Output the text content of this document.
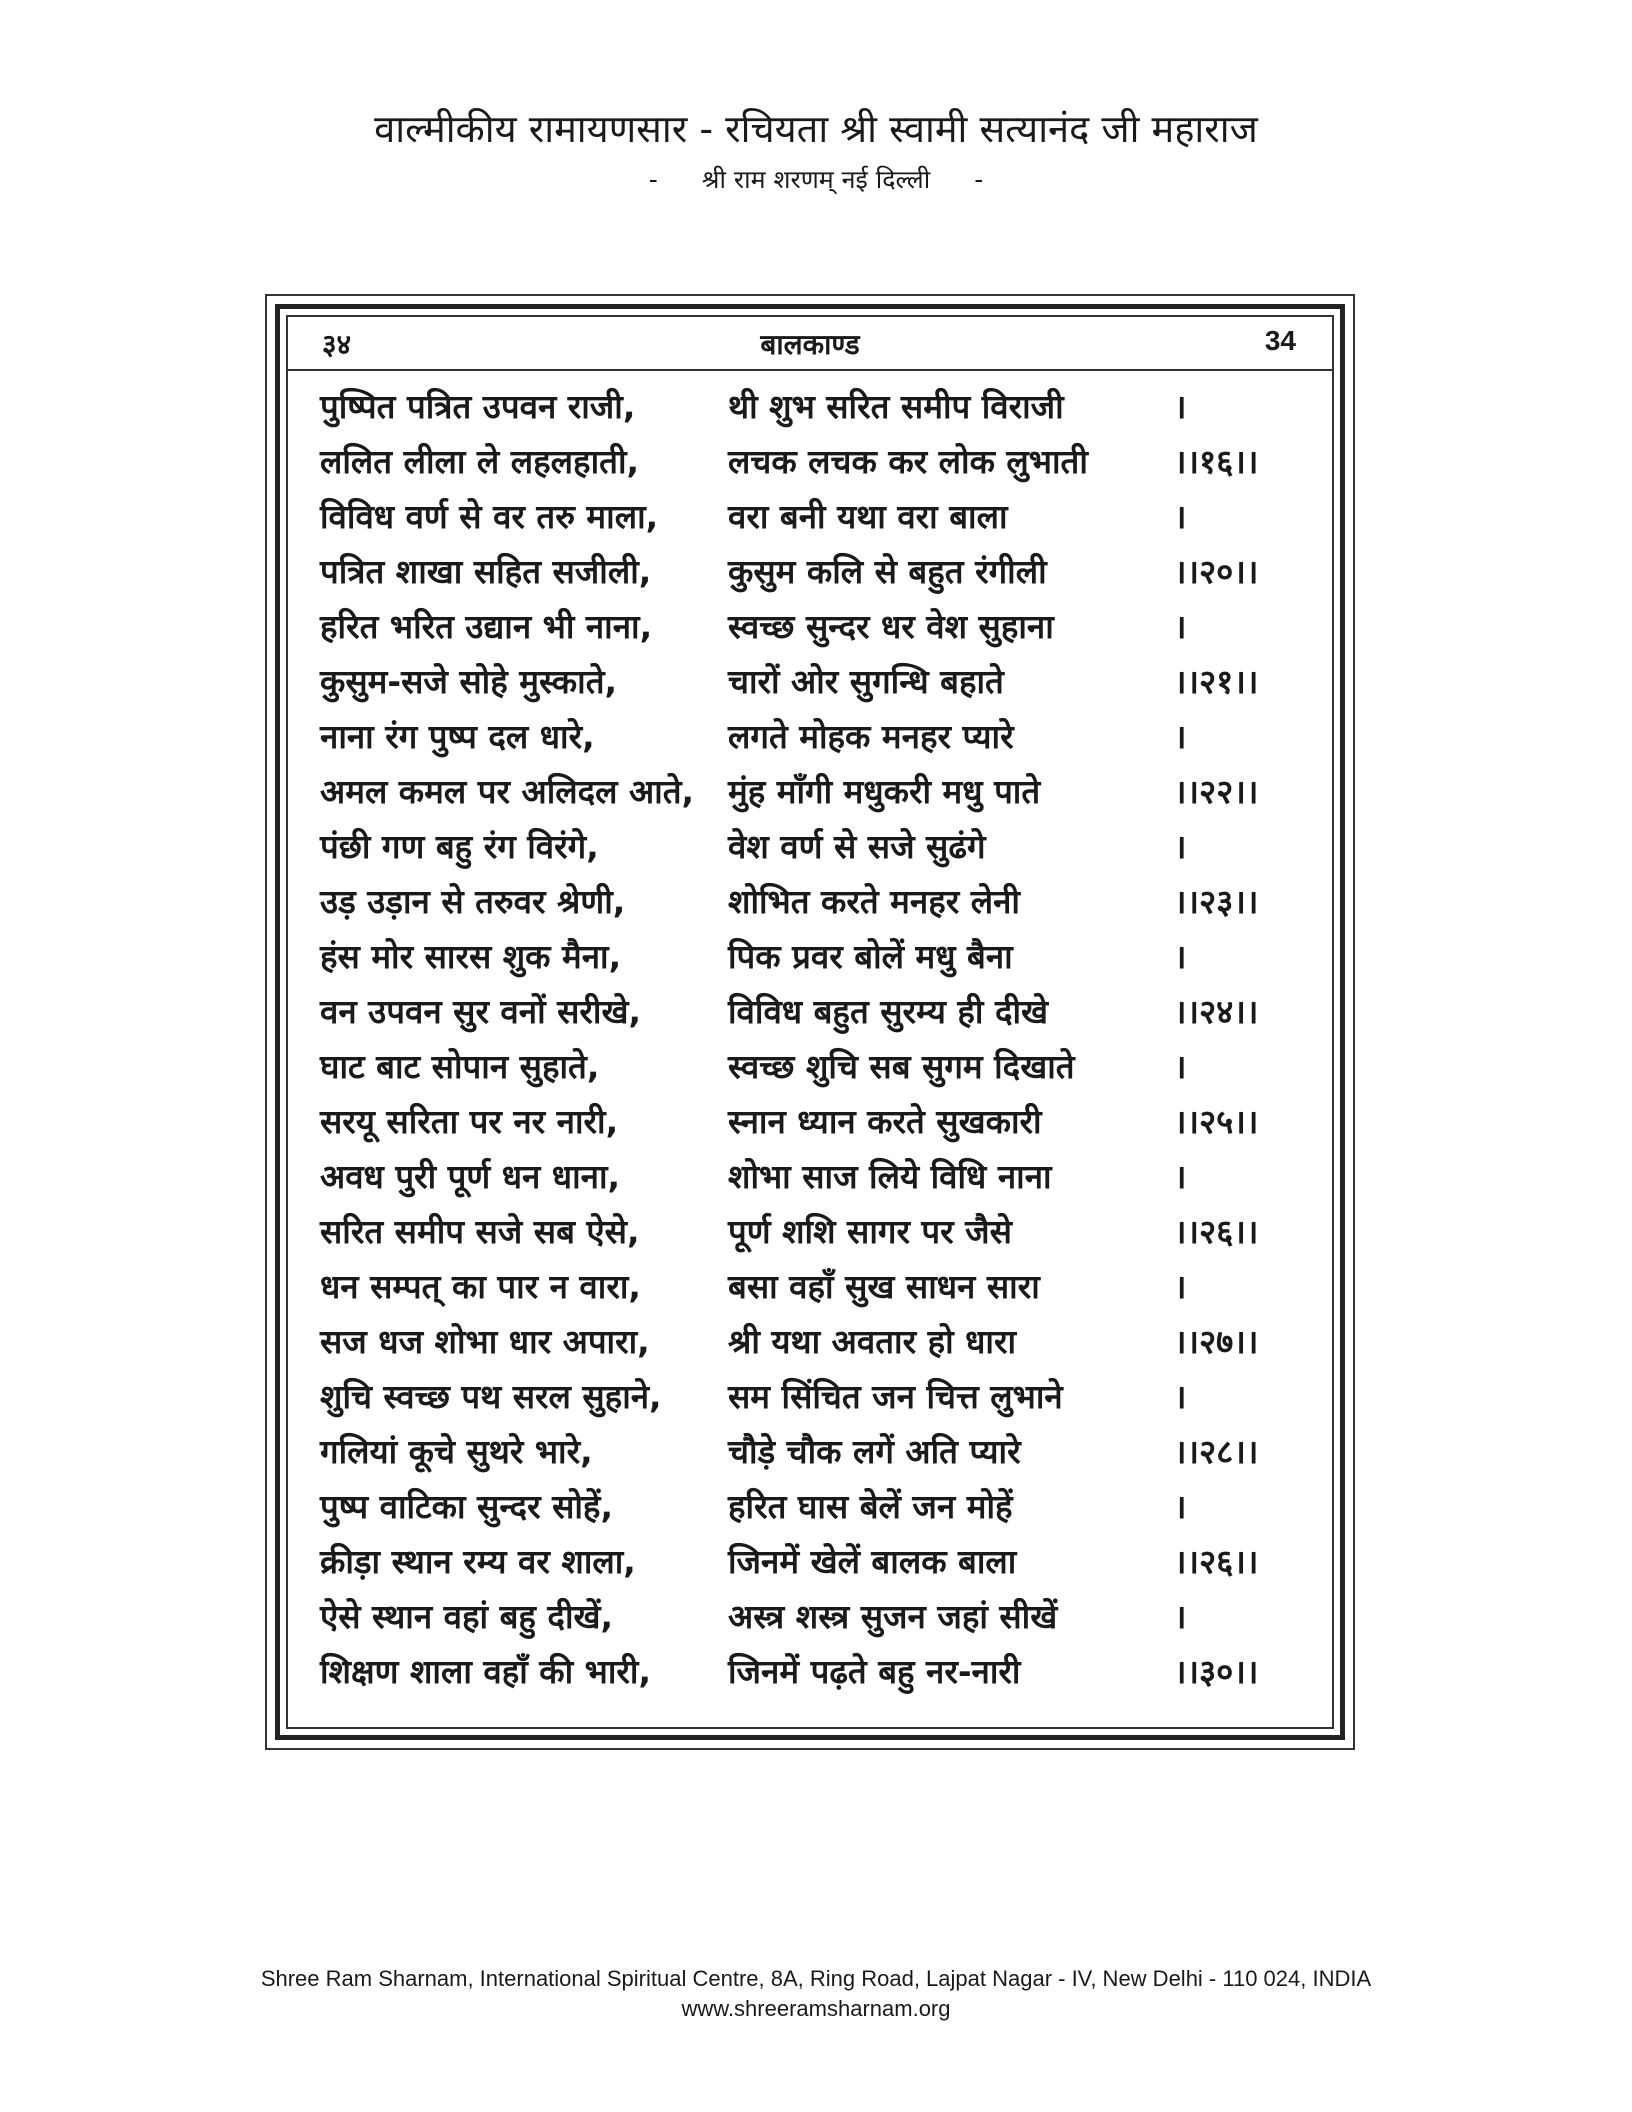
वाल्मीकीय रामायणसार - रचियता श्री स्वामी सत्यानंद जी महाराज
- श्री राम शरणम् नई दिल्ली -
३४	बालकाण्ड	34
पुष्पित पत्रित उपवन राजी,	थी शुभ सरित समीप विराजी	।
ललित लीला ले लहलहाती,	लचक लचक कर लोक लुभाती	।।१६।।
विविध वर्ण से वर तरु माला,	वरा बनी यथा वरा बाला	।
पत्रित शाखा सहित सजीली,	कुसुम कलि से बहुत रंगीली	।।२०।।
हरित भरित उद्यान भी नाना,	स्वच्छ सुन्दर धर वेश सुहाना	।
कुसुम-सजे सोहे मुस्काते,	चारों ओर सुगन्धि बहाते	।।२१।।
नाना रंग पुष्प दल धारे,	लगते मोहक मनहर प्यारे	।
अमल कमल पर अलिदल आते,	मुंह माँगी मधुकरी मधु पाते	।।२२।।
पंछी गण बहु रंग विरंगे,	वेश वर्ण से सजे सुढंगे	।
उड़ उड़ान से तरुवर श्रेणी,	शोभित करते मनहर लेनी	।।२३।।
हंस मोर सारस शुक मैना,	पिक प्रवर बोलें मधु बैना	।
वन उपवन सुर वनों सरीखे,	विविध बहुत सुरम्य ही दीखे	।।२४।।
घाट बाट सोपान सुहाते,	स्वच्छ शुचि सब सुगम दिखाते	।
सरयू सरिता पर नर नारी,	स्नान ध्यान करते सुखकारी	।।२५।।
अवध पुरी पूर्ण धन धाना,	शोभा साज लिये विधि नाना	।
सरित समीप सजे सब ऐसे,	पूर्ण शशि सागर पर जैसे	।।२६।।
धन सम्पत् का पार न वारा,	बसा वहाँ सुख साधन सारा	।
सज धज शोभा धार अपारा,	श्री यथा अवतार हो धारा	।।२७।।
शुचि स्वच्छ पथ सरल सुहाने,	सम सिंचित जन चित्त लुभाने	।
गलियां कूचे सुथरे भारे,	चौड़े चौक लगें अति प्यारे	।।२८।।
पुष्प वाटिका सुन्दर सोहें,	हरित घास बेलें जन मोहें	।
क्रीड़ा स्थान रम्य वर शाला,	जिनमें खेलें बालक बाला	।।२६।।
ऐसे स्थान वहां बहु दीखें,	अस्त्र शस्त्र सुजन जहां सीखें	।
शिक्षण शाला वहाँ की भारी,	जिनमें पढ़ते बहु नर-नारी	।।३०।।
Shree Ram Sharnam, International Spiritual Centre, 8A, Ring Road, Lajpat Nagar - IV, New Delhi - 110 024, INDIA
www.shreeramsharnam.org
